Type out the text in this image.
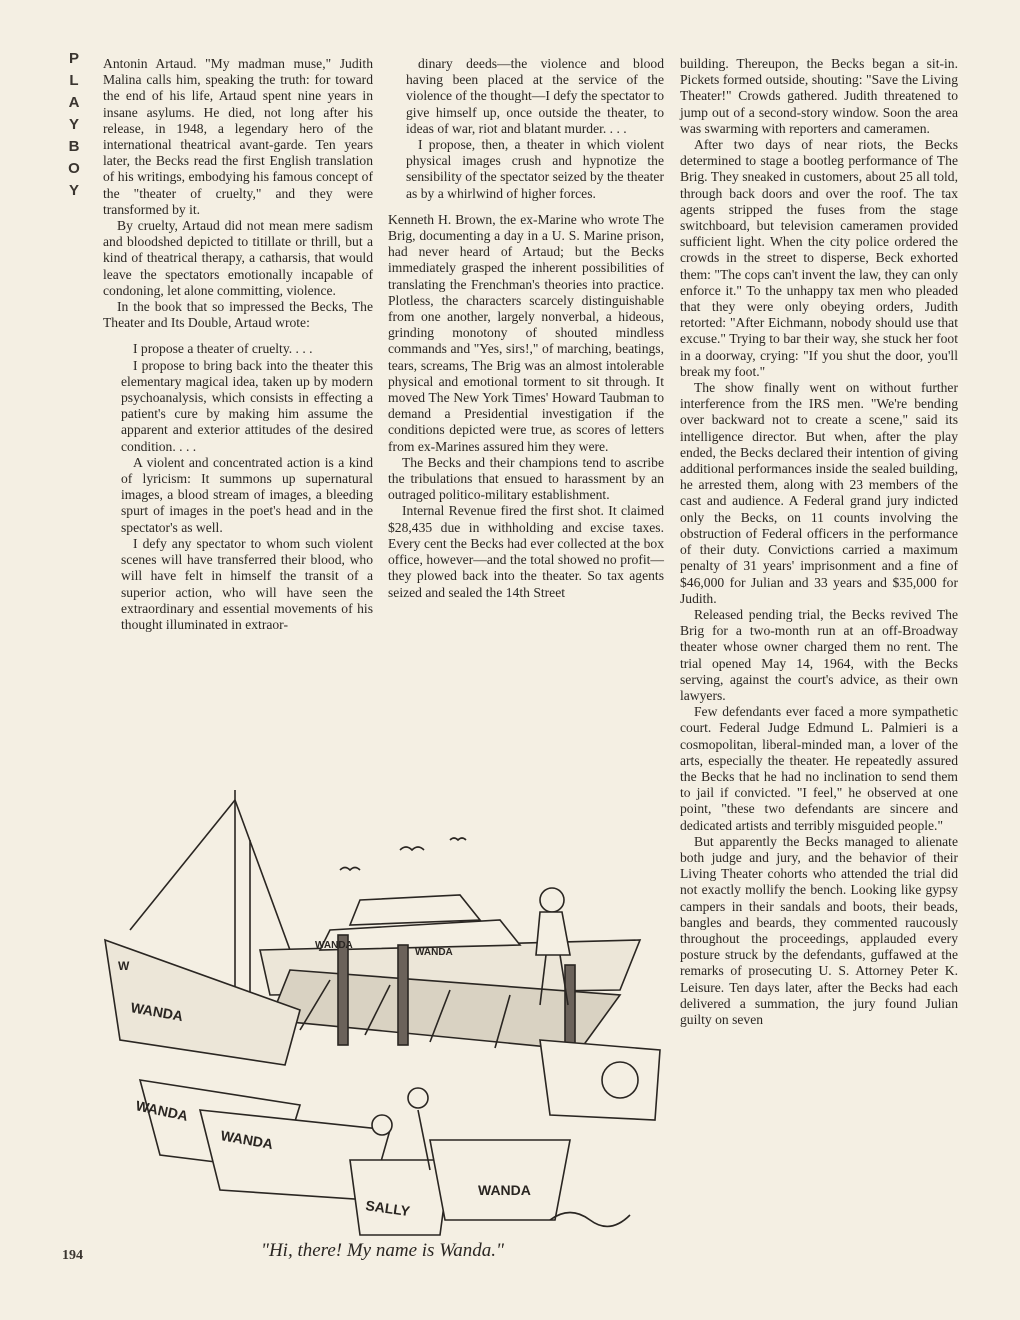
P
L
A
Y
B
O
Y

Antonin Artaud. "My madman muse," Judith Malina calls him, speaking the truth: for toward the end of his life, Artaud spent nine years in insane asylums. He died, not long after his release, in 1948, a legendary hero of the international theatrical avant-garde. Ten years later, the Becks read the first English translation of his writings, embodying his famous concept of the "theater of cruelty," and they were transformed by it.

By cruelty, Artaud did not mean mere sadism and bloodshed depicted to titillate or thrill, but a kind of theatrical therapy, a catharsis, that would leave the spectators emotionally incapable of condoning, let alone committing, violence.

In the book that so impressed the Becks, The Theater and Its Double, Artaud wrote:

I propose a theater of cruelty. . . .

I propose to bring back into the theater this elementary magical idea, taken up by modern psychoanalysis, which consists in effecting a patient's cure by making him assume the apparent and exterior attitudes of the desired condition. . . .

A violent and concentrated action is a kind of lyricism: It summons up supernatural images, a blood stream of images, a bleeding spurt of images in the poet's head and in the spectator's as well.

I defy any spectator to whom such violent scenes will have transferred their blood, who will have felt in himself the transit of a superior action, who will have seen the extraordinary and essential movements of his thought illuminated in extraor-

dinary deeds—the violence and blood having been placed at the service of the violence of the thought—I defy the spectator to give himself up, once outside the theater, to ideas of war, riot and blatant murder. . . .

I propose, then, a theater in which violent physical images crush and hypnotize the sensibility of the spectator seized by the theater as by a whirlwind of higher forces.

Kenneth H. Brown, the ex-Marine who wrote The Brig, documenting a day in a U. S. Marine prison, had never heard of Artaud; but the Becks immediately grasped the inherent possibilities of translating the Frenchman's theories into practice. Plotless, the characters scarcely distinguishable from one another, largely nonverbal, a hideous, grinding monotony of shouted mindless commands and "Yes, sirs!," of marching, beatings, tears, screams, The Brig was an almost intolerable physical and emotional torment to sit through. It moved The New York Times' Howard Taubman to demand a Presidential investigation if the conditions depicted were true, as scores of letters from ex-Marines assured him they were.

The Becks and their champions tend to ascribe the tribulations that ensued to harassment by an outraged politico-military establishment.

Internal Revenue fired the first shot. It claimed $28,435 due in withholding and excise taxes. Every cent the Becks had ever collected at the box office, however—and the total showed no profit—they plowed back into the theater. So tax agents seized and sealed the 14th Street

building. Thereupon, the Becks began a sit-in. Pickets formed outside, shouting: "Save the Living Theater!" Crowds gathered. Judith threatened to jump out of a second-story window. Soon the area was swarming with reporters and cameramen.

After two days of near riots, the Becks determined to stage a bootleg performance of The Brig. They sneaked in customers, about 25 all told, through back doors and over the roof. The tax agents stripped the fuses from the stage switchboard, but television cameramen provided sufficient light. When the city police ordered the crowds in the street to disperse, Beck exhorted them: "The cops can't invent the law, they can only enforce it." To the unhappy tax men who pleaded that they were only obeying orders, Judith retorted: "After Eichmann, nobody should use that excuse." Trying to bar their way, she stuck her foot in a doorway, crying: "If you shut the door, you'll break my foot."

The show finally went on without further interference from the IRS men. "We're bending over backward not to create a scene," said its intelligence director. But when, after the play ended, the Becks declared their intention of giving additional performances inside the sealed building, he arrested them, along with 23 members of the cast and audience. A Federal grand jury indicted only the Becks, on 11 counts involving the obstruction of Federal officers in the performance of their duty. Convictions carried a maximum penalty of 31 years' imprisonment and a fine of $46,000 for Julian and 33 years and $35,000 for Judith.

Released pending trial, the Becks revived The Brig for a two-month run at an off-Broadway theater whose owner charged them no rent. The trial opened May 14, 1964, with the Becks serving, against the court's advice, as their own lawyers.

Few defendants ever faced a more sympathetic court. Federal Judge Edmund L. Palmieri is a cosmopolitan, liberal-minded man, a lover of the arts, especially the theater. He repeatedly assured the Becks that he had no inclination to send them to jail if convicted. "I feel," he observed at one point, "these two defendants are sincere and dedicated artists and terribly misguided people."

But apparently the Becks managed to alienate both judge and jury, and the behavior of their Living Theater cohorts who attended the trial did not exactly mollify the bench. Looking like gypsy campers in their sandals and boots, their beads, bangles and beards, they commented raucously throughout the proceedings, applauded every posture struck by the defendants, guffawed at the remarks of prosecuting U. S. Attorney Peter K. Leisure. Ten days later, after the Becks had each delivered a summation, the jury found Julian guilty on seven

WANDA
WANDA
WANDA
WANDA
WANDA
SALLY
WANDA
W
"Hi, there! My name is Wanda."
194
